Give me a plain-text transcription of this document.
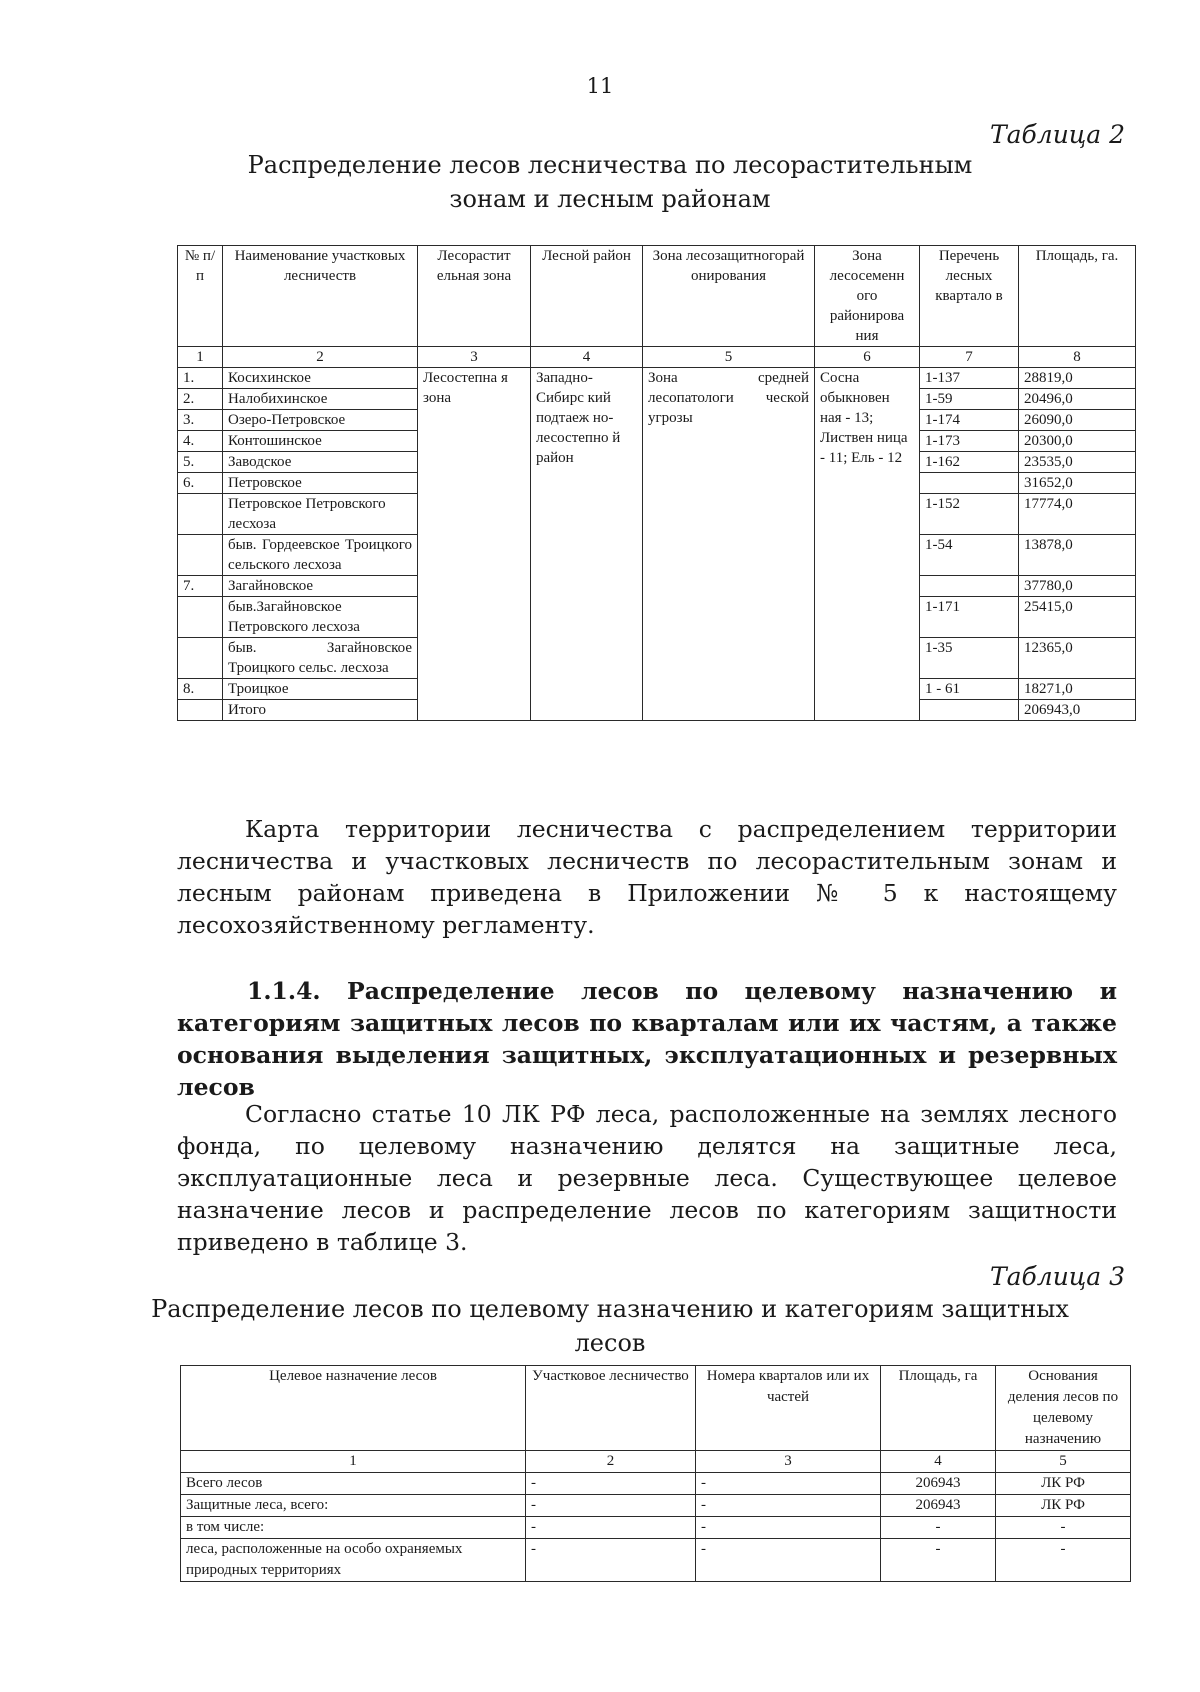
11
Таблица 2
Распределение лесов лесничества по лесорастительным
зонам и лесным районам
№ п/ п	Наименование участковых лесничеств	Лесорастит ельная зона	Лесной район	Зона лесозащитногорай онирования	Зона лесосеменн ого районирова ния	Перечень лесных квартало в	Площадь, га.
1	2	3	4	5	6	7	8
1.	Косихинское	Лесостепна я зона	Западно-Сибирс кий подтаеж но-лесостепно й район	Зона средней лесопатологи ческой угрозы	Сосна обыкновен ная - 13; Листвен ница - 11; Ель - 12	1-137	28819,0
2.	Налобихинское					1-59	20496,0
3.	Озеро-Петровское					1-174	26090,0
4.	Контошинское					1-173	20300,0
5.	Заводское					1-162	23535,0
6.	Петровское						31652,0
	Петровское Петровского лесхоза					1-152	17774,0
	быв. Гордеевское Троицкого сельского лесхоза					1-54	13878,0
7.	Загайновское						37780,0
	быв.Загайновское Петровского лесхоза					1-171	25415,0
	быв. Загайновское Троицкого сельс. лесхоза					1-35	12365,0
8.	Троицкое					1 - 61	18271,0
	Итого						206943,0
Карта территории лесничества с распределением территории лесничества и участковых лесничеств по лесорастительным зонам и лесным районам приведена в Приложении № 5 к настоящему лесохозяйственному регламенту.
1.1.4. Распределение лесов по целевому назначению и категориям защитных лесов по кварталам или их частям, а также основания выделения защитных, эксплуатационных и резервных лесов
Согласно статье 10 ЛК РФ леса, расположенные на землях лесного фонда, по целевому назначению делятся на защитные леса, эксплуатационные леса и резервные леса. Существующее целевое назначение лесов и распределение лесов по категориям защитности приведено в таблице 3.
Таблица 3
Распределение лесов по целевому назначению и категориям защитных лесов
Целевое назначение лесов	Участковое лесничество	Номера кварталов или их частей	Площадь, га	Основания деления лесов по целевому назначению
1	2	3	4	5
Всего лесов	-	-	206943	ЛК РФ
Защитные леса, всего:	-	-	206943	ЛК РФ
в том числе:	-	-	-	-
леса, расположенные на особо охраняемых природных территориях	-	-	-	-
